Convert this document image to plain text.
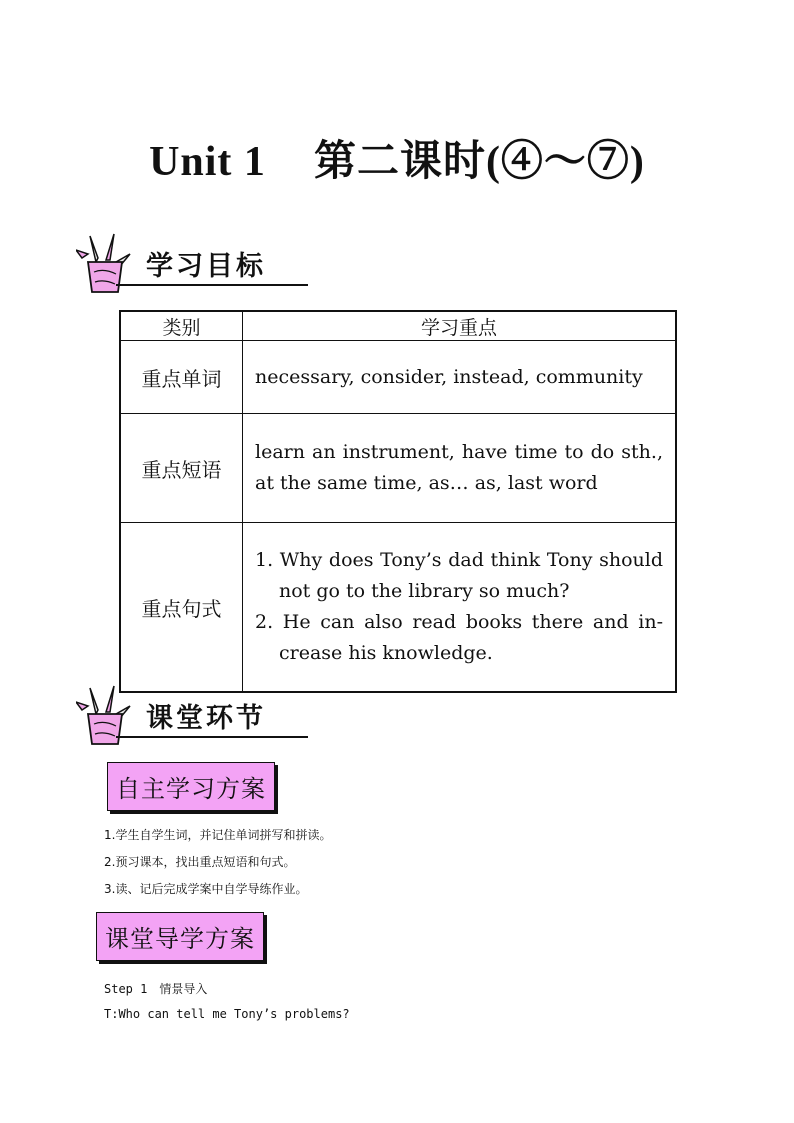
Unit 1 第二课时(④～⑦)
学习目标
类别	学习重点
重点单词	necessary, consider, instead, community
重点短语	learn an instrument, have time to do sth., at the same time, as… as, last word
重点句式	1. Why does Tony’s dad think Tony should not go to the library so much?
2. He can also read books there and in-crease his knowledge.
课堂环节
自主学习方案
1.学生自学生词，并记住单词拼写和拼读。
2.预习课本，找出重点短语和句式。
3.读、记后完成学案中自学导练作业。
课堂导学方案
Step 1　情景导入
T:Who can tell me Tony’s problems?
